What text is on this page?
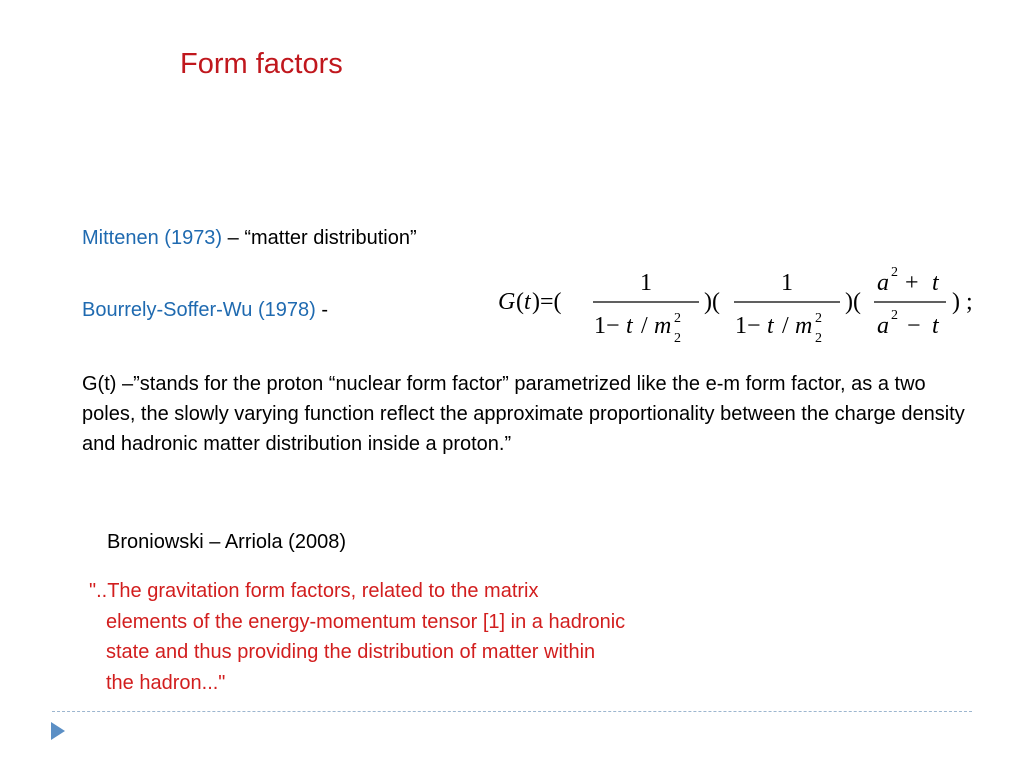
Form factors
Mittenen (1973) – “matter distribution”
Bourrely-Soffer-Wu (1978) -	G ( t ) =(
1
1 − t / m 2
2
)(
1
1 − t / m 2
2
)(
a 2 + t
a 2 − t
) ;
G(t) –”stands for the proton “nuclear form factor” parametrized like the e-m form factor, as a two poles, the slowly varying function reflect the approximate proportionality between the charge density and hadronic matter distribution inside a proton.”
Broniowski – Arriola (2008)
"..The gravitation form factors, related to the matrix
elements of the energy-momentum tensor [1] in a hadronic
state and thus providing the distribution of matter within
the hadron..."
